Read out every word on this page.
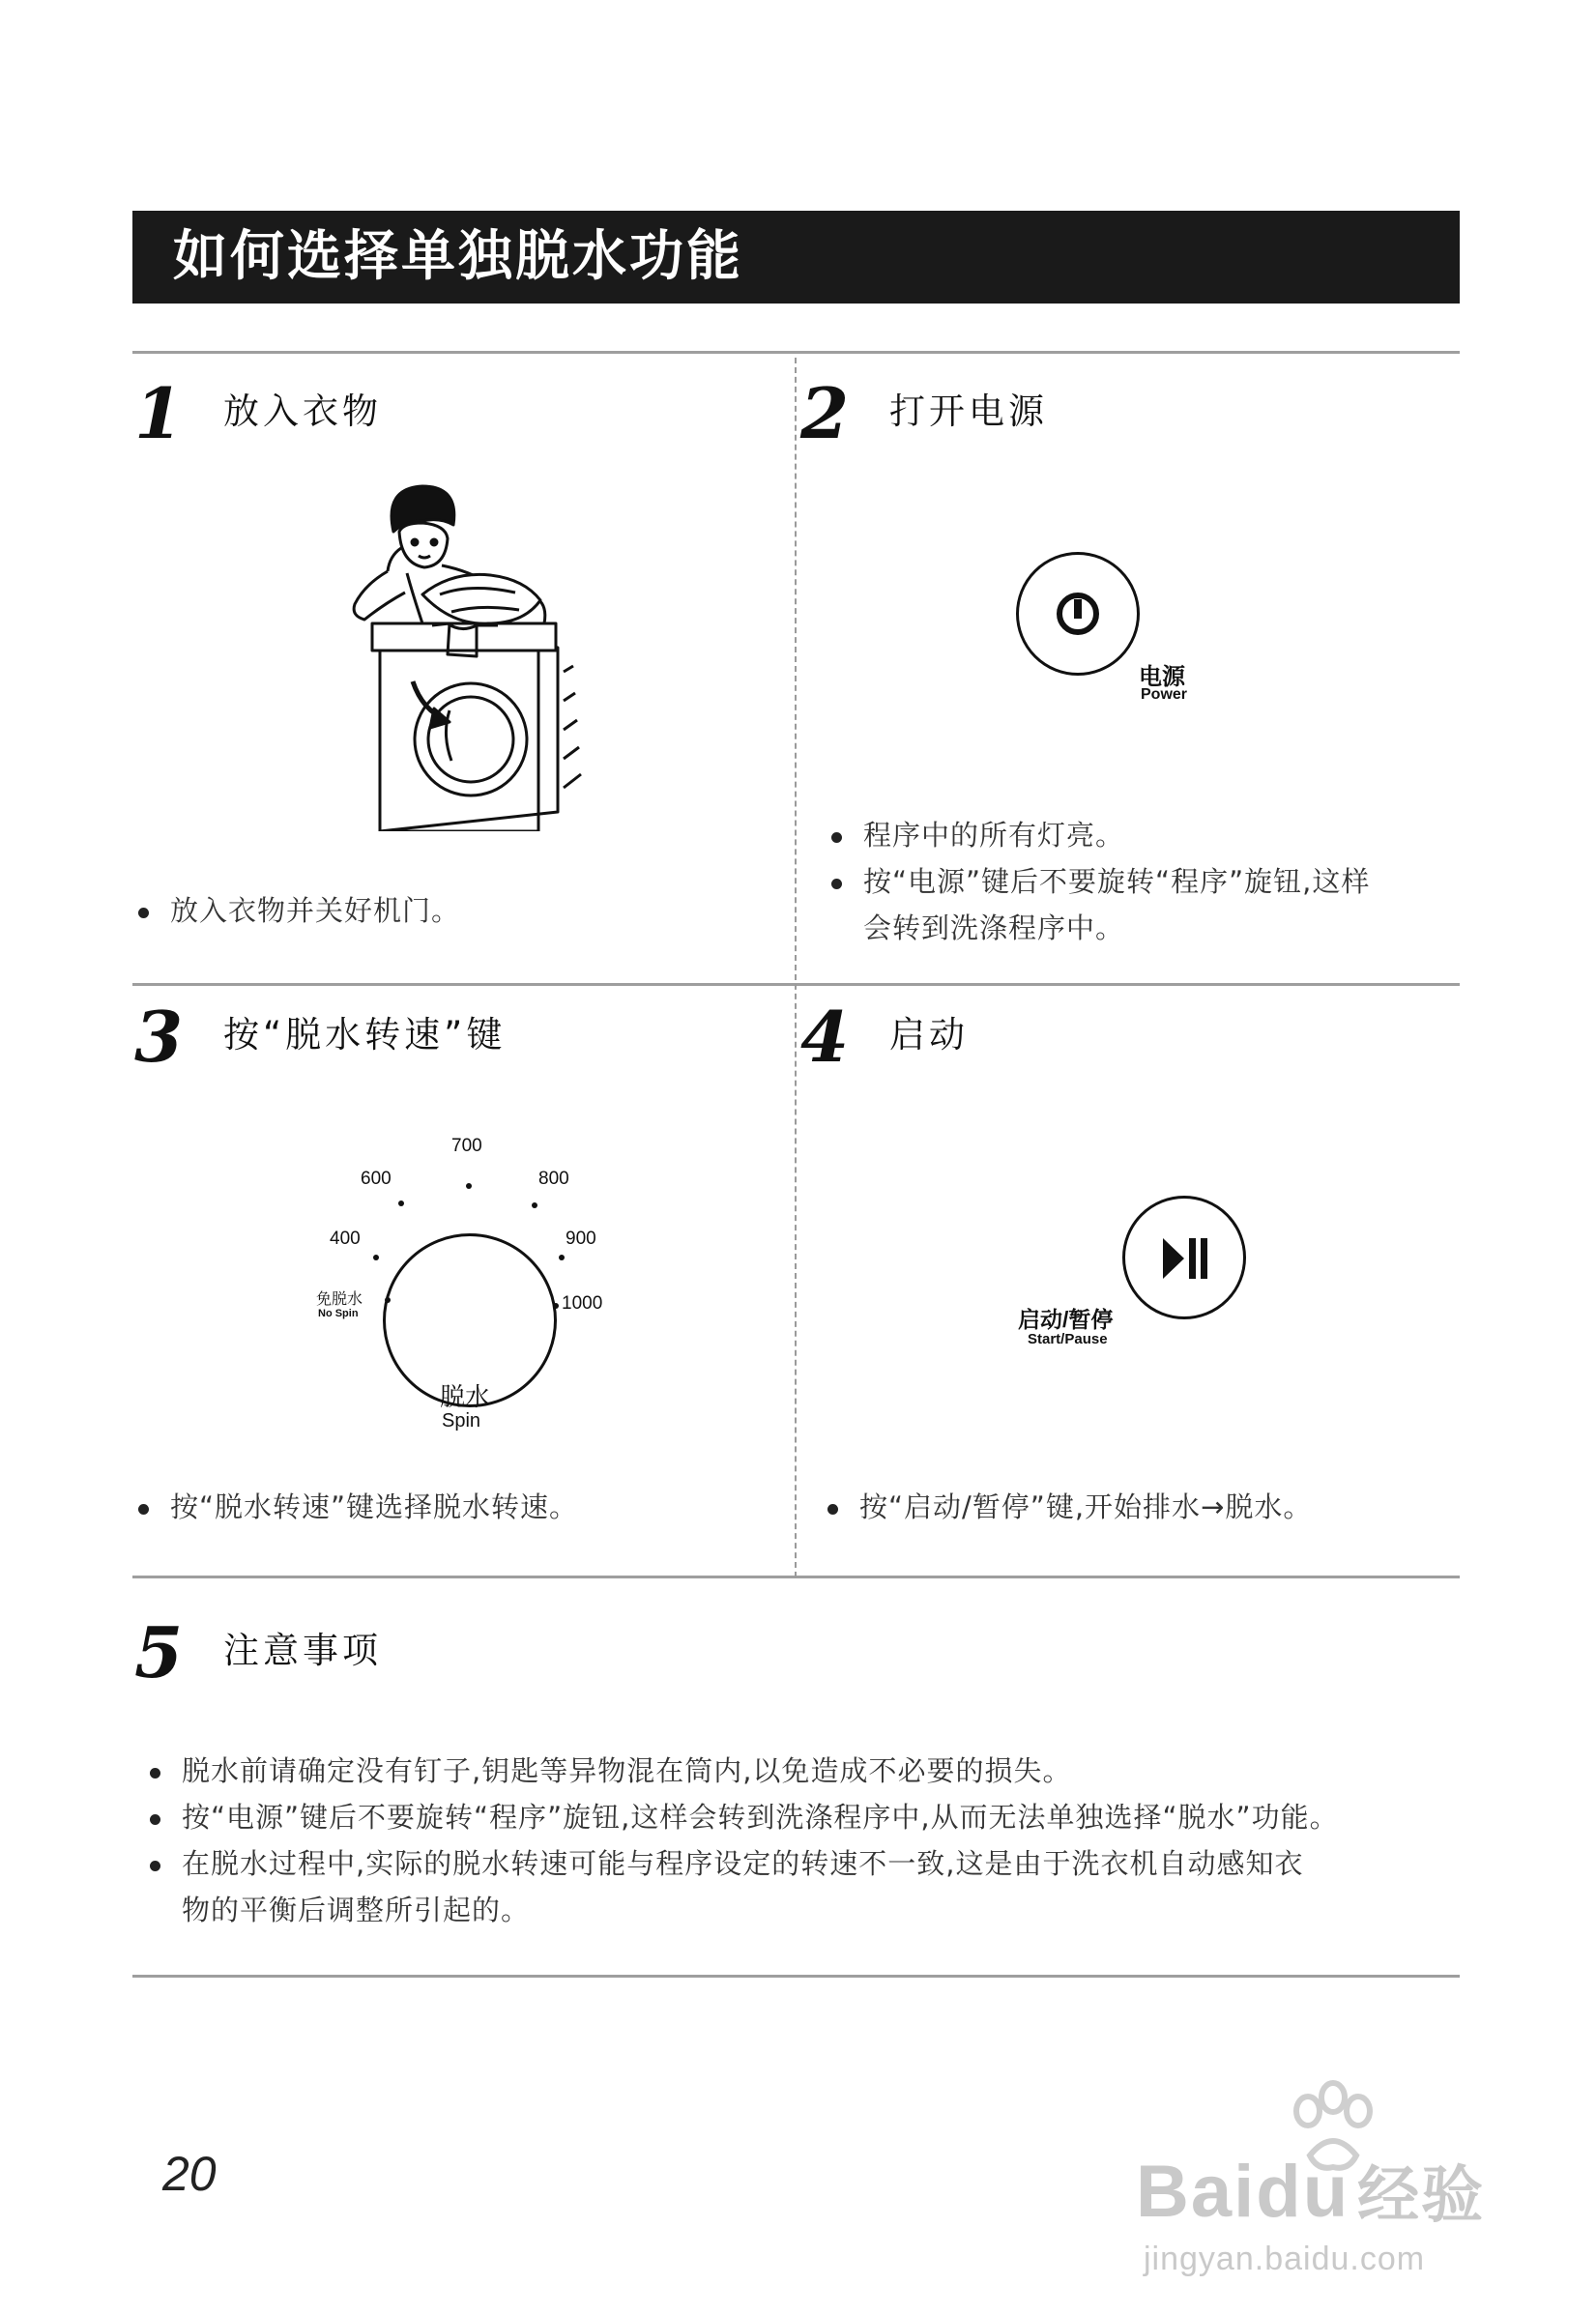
如何选择单独脱水功能
1 放入衣物
放入衣物并关好机门。
2 打开电源
电源
Power
程序中的所有灯亮。
按“电源”键后不要旋转“程序”旋钮,这样
会转到洗涤程序中。
3 按“脱水转速”键
700
600	800
400	900
1000
免脱水
No Spin
脱水
Spin
按“脱水转速”键选择脱水转速。
4 启动
启动/暂停
Start/Pause
按“启动/暂停”键,开始排水→脱水。
5 注意事项
脱水前请确定没有钉子,钥匙等异物混在筒内,以免造成不必要的损失。
按“电源”键后不要旋转“程序”旋钮,这样会转到洗涤程序中,从而无法单独选择“脱水”功能。
在脱水过程中,实际的脱水转速可能与程序设定的转速不一致,这是由于洗衣机自动感知衣
物的平衡后调整所引起的。
20	Baidu 经验
jingyan.baidu.com
